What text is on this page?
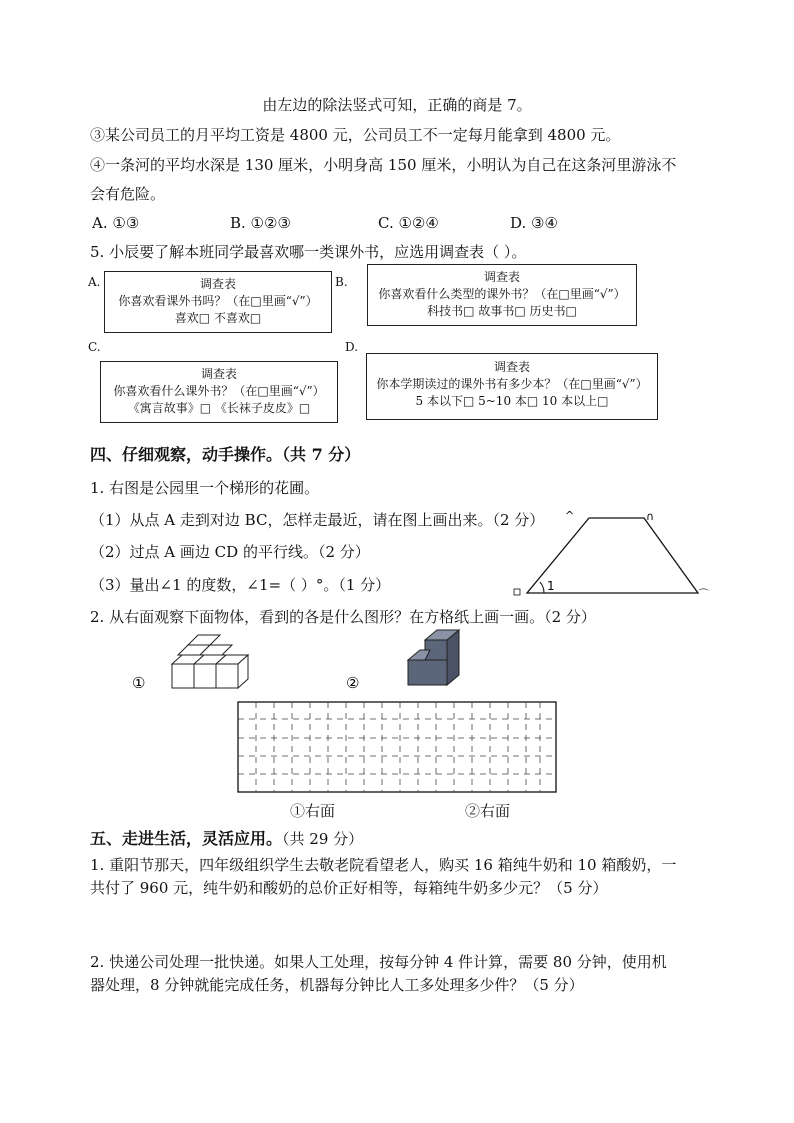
由左边的除法竖式可知，正确的商是 7。
③某公司员工的月平均工资是 4800 元，公司员工不一定每月能拿到 4800 元。
④一条河的平均水深是 130 厘米，小明身高 150 厘米，小明认为自己在这条河里游泳不
会有危险。
A. ①③	B. ①②③	C. ①②④	D. ③④
5. 小辰要了解本班同学最喜欢哪一类课外书，应选用调查表（ ）。
A.	调查表
你喜欢看课外书吗？（在□里画“√”）
喜欢□ 不喜欢□
B.	调查表
你喜欢看什么类型的课外书？（在□里画“√”）
科技书□ 故事书□ 历史书□
C.
调查表
你喜欢看什么课外书？（在□里画“√”）
《寓言故事》□ 《长袜子皮皮》□
D.
调查表
你本学期读过的课外书有多少本？（在□里画“√”）
5 本以下□ 5~10 本□ 10 本以上□
四、仔细观察，动手操作。（共 7 分）
1. 右图是公园里一个梯形的花圃。
（1）从点 A 走到对边 BC，怎样走最近，请在图上画出来。（2 分）
（2）过点 A 画边 CD 的平行线。（2 分）
（3）量出∠1 的度数，∠1=（ ）°。（1 分）
2. 从右面观察下面物体，看到的各是什么图形？在方格纸上画一画。（2 分）
^	∩
⌒
1
①	②
①右面	②右面
五、走进生活，灵活应用。（共 29 分）
1. 重阳节那天，四年级组织学生去敬老院看望老人，购买 16 箱纯牛奶和 10 箱酸奶，一
共付了 960 元，纯牛奶和酸奶的总价正好相等，每箱纯牛奶多少元？（5 分）
2. 快递公司处理一批快递。如果人工处理，按每分钟 4 件计算，需要 80 分钟，使用机
器处理，8 分钟就能完成任务，机器每分钟比人工多处理多少件？（5 分）
